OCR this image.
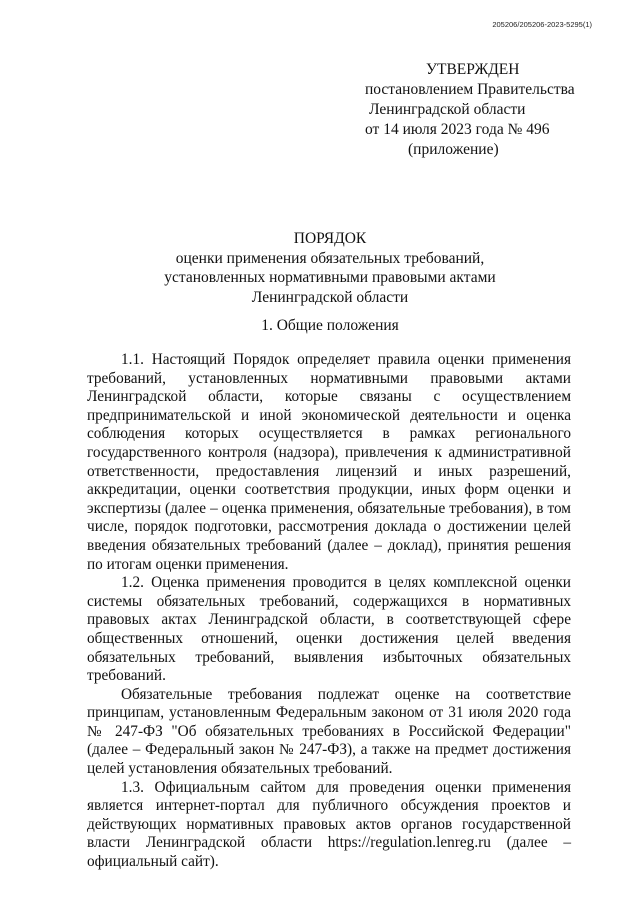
205206/205206-2023-5295(1)
УТВЕРЖДЕН
постановлением Правительства
Ленинградской области
от 14 июля 2023 года № 496
(приложение)
ПОРЯДОК
оценки применения обязательных требований,
установленных нормативными правовыми актами
Ленинградской области
1. Общие положения

1.1. Настоящий Порядок определяет правила оценки применения требований, установленных нормативными правовыми актами Ленинградской области, которые связаны с осуществлением предпринимательской и иной экономической деятельности и оценка соблюдения которых осуществляется в рамках регионального государственного контроля (надзора), привлечения к административной ответственности, предоставления лицензий и иных разрешений, аккредитации, оценки соответствия продукции, иных форм оценки и экспертизы (далее – оценка применения, обязательные требования), в том числе, порядок подготовки, рассмотрения доклада о достижении целей введения обязательных требований (далее – доклад), принятия решения по итогам оценки применения.

1.2. Оценка применения проводится в целях комплексной оценки системы обязательных требований, содержащихся в нормативных правовых актах Ленинградской области, в соответствующей сфере общественных отношений, оценки достижения целей введения обязательных требований, выявления избыточных обязательных требований.

Обязательные требования подлежат оценке на соответствие принципам, установленным Федеральным законом от 31 июля 2020 года № 247-ФЗ "Об обязательных требованиях в Российской Федерации" (далее – Федеральный закон № 247-ФЗ), а также на предмет достижения целей установления обязательных требований.

1.3. Официальным сайтом для проведения оценки применения является интернет-портал для публичного обсуждения проектов и действующих нормативных правовых актов органов государственной власти Ленинградской области https://regulation.lenreg.ru (далее – официальный сайт).
